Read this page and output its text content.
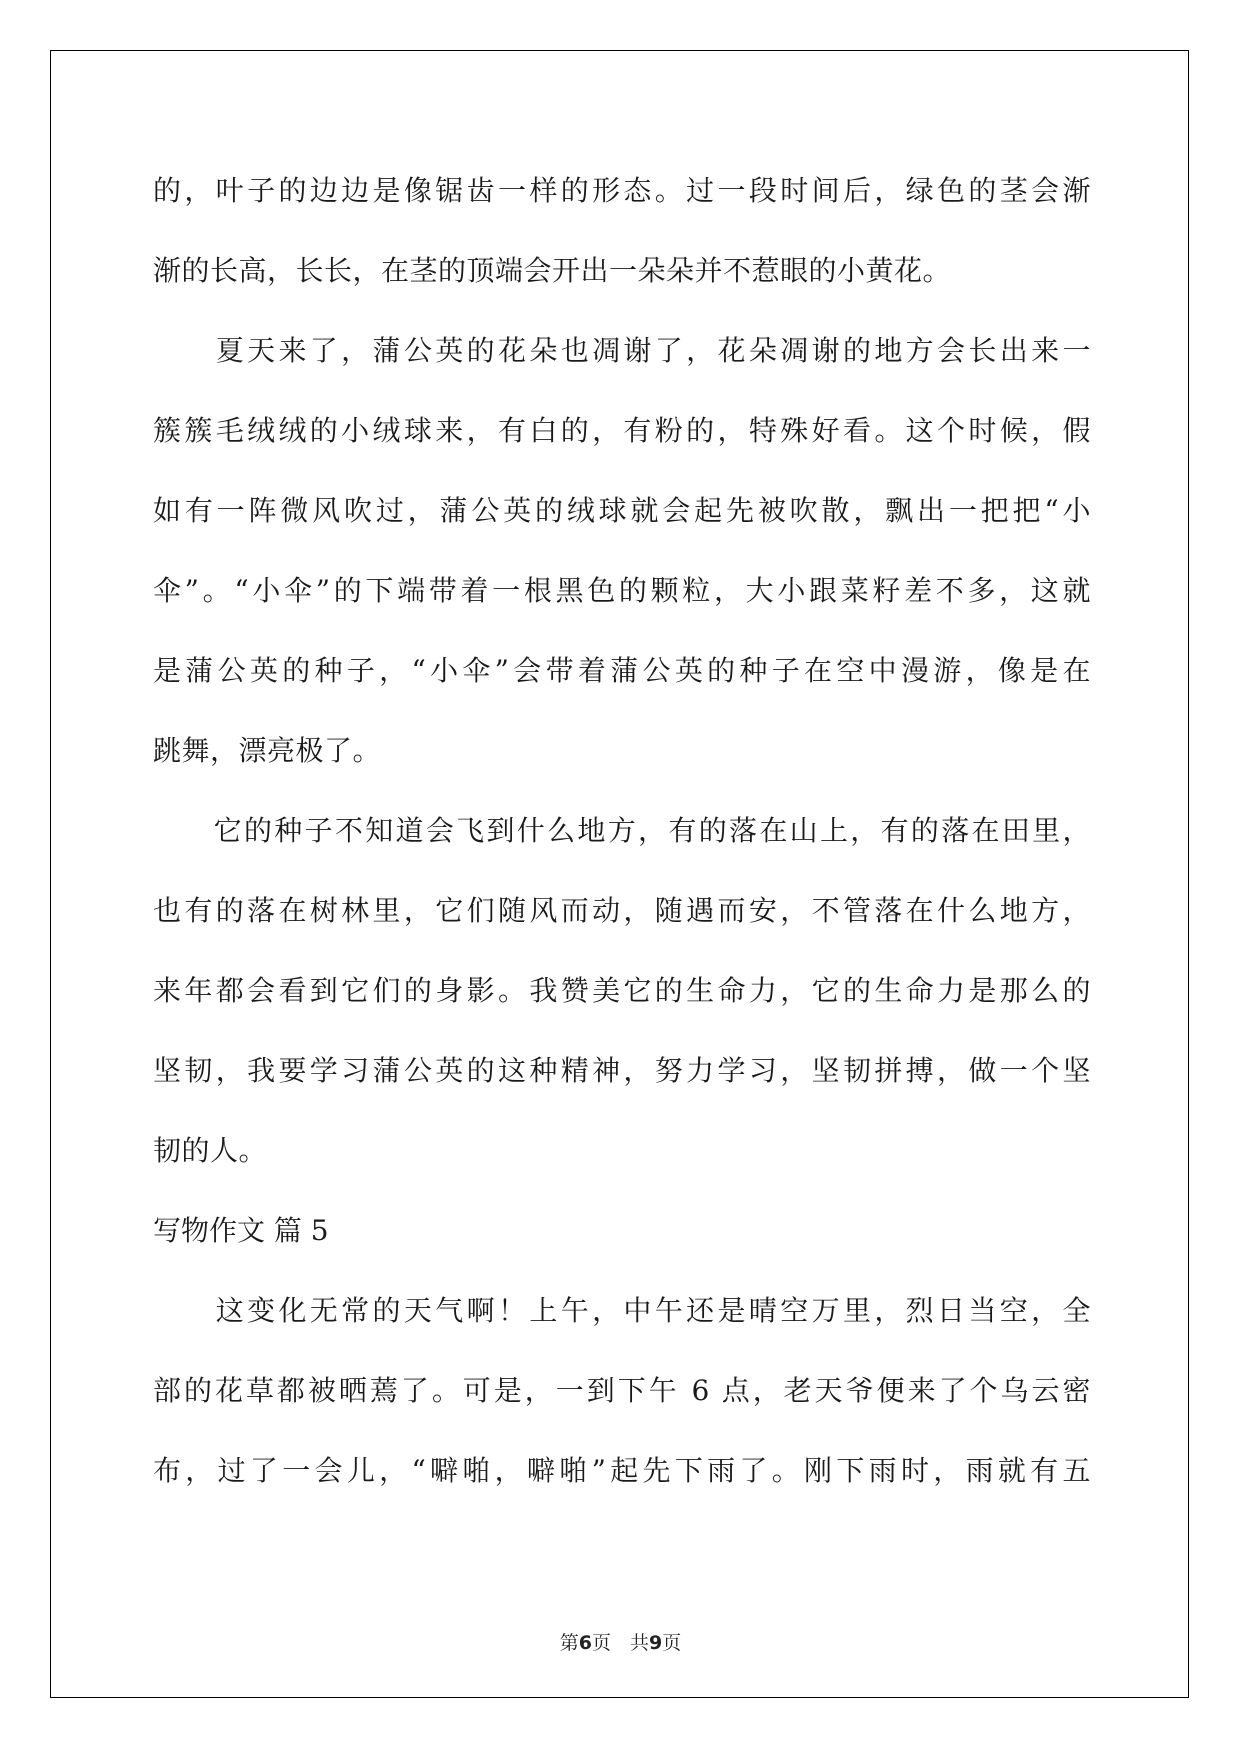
的，叶子的边边是像锯齿一样的形态。过一段时间后，绿色的茎会渐
渐的长高，长长，在茎的顶端会开出一朵朵并不惹眼的小黄花。
　　夏天来了，蒲公英的花朵也凋谢了，花朵凋谢的地方会长出来一
簇簇毛绒绒的小绒球来，有白的，有粉的，特殊好看。这个时候，假
如有一阵微风吹过，蒲公英的绒球就会起先被吹散，飘出一把把“小
伞”。“小伞”的下端带着一根黑色的颗粒，大小跟菜籽差不多，这就
是蒲公英的种子，“小伞”会带着蒲公英的种子在空中漫游，像是在
跳舞，漂亮极了。
　　它的种子不知道会飞到什么地方，有的落在山上，有的落在田里，
也有的落在树林里，它们随风而动，随遇而安，不管落在什么地方，
来年都会看到它们的身影。我赞美它的生命力，它的生命力是那么的
坚韧，我要学习蒲公英的这种精神，努力学习，坚韧拼搏，做一个坚
韧的人。
写物作文 篇 5
　　这变化无常的天气啊！上午，中午还是晴空万里，烈日当空，全
部的花草都被晒蔫了。可是，一到下午 6 点，老天爷便来了个乌云密
布，过了一会儿，“噼啪，噼啪”起先下雨了。刚下雨时，雨就有五
第6页　共9页
